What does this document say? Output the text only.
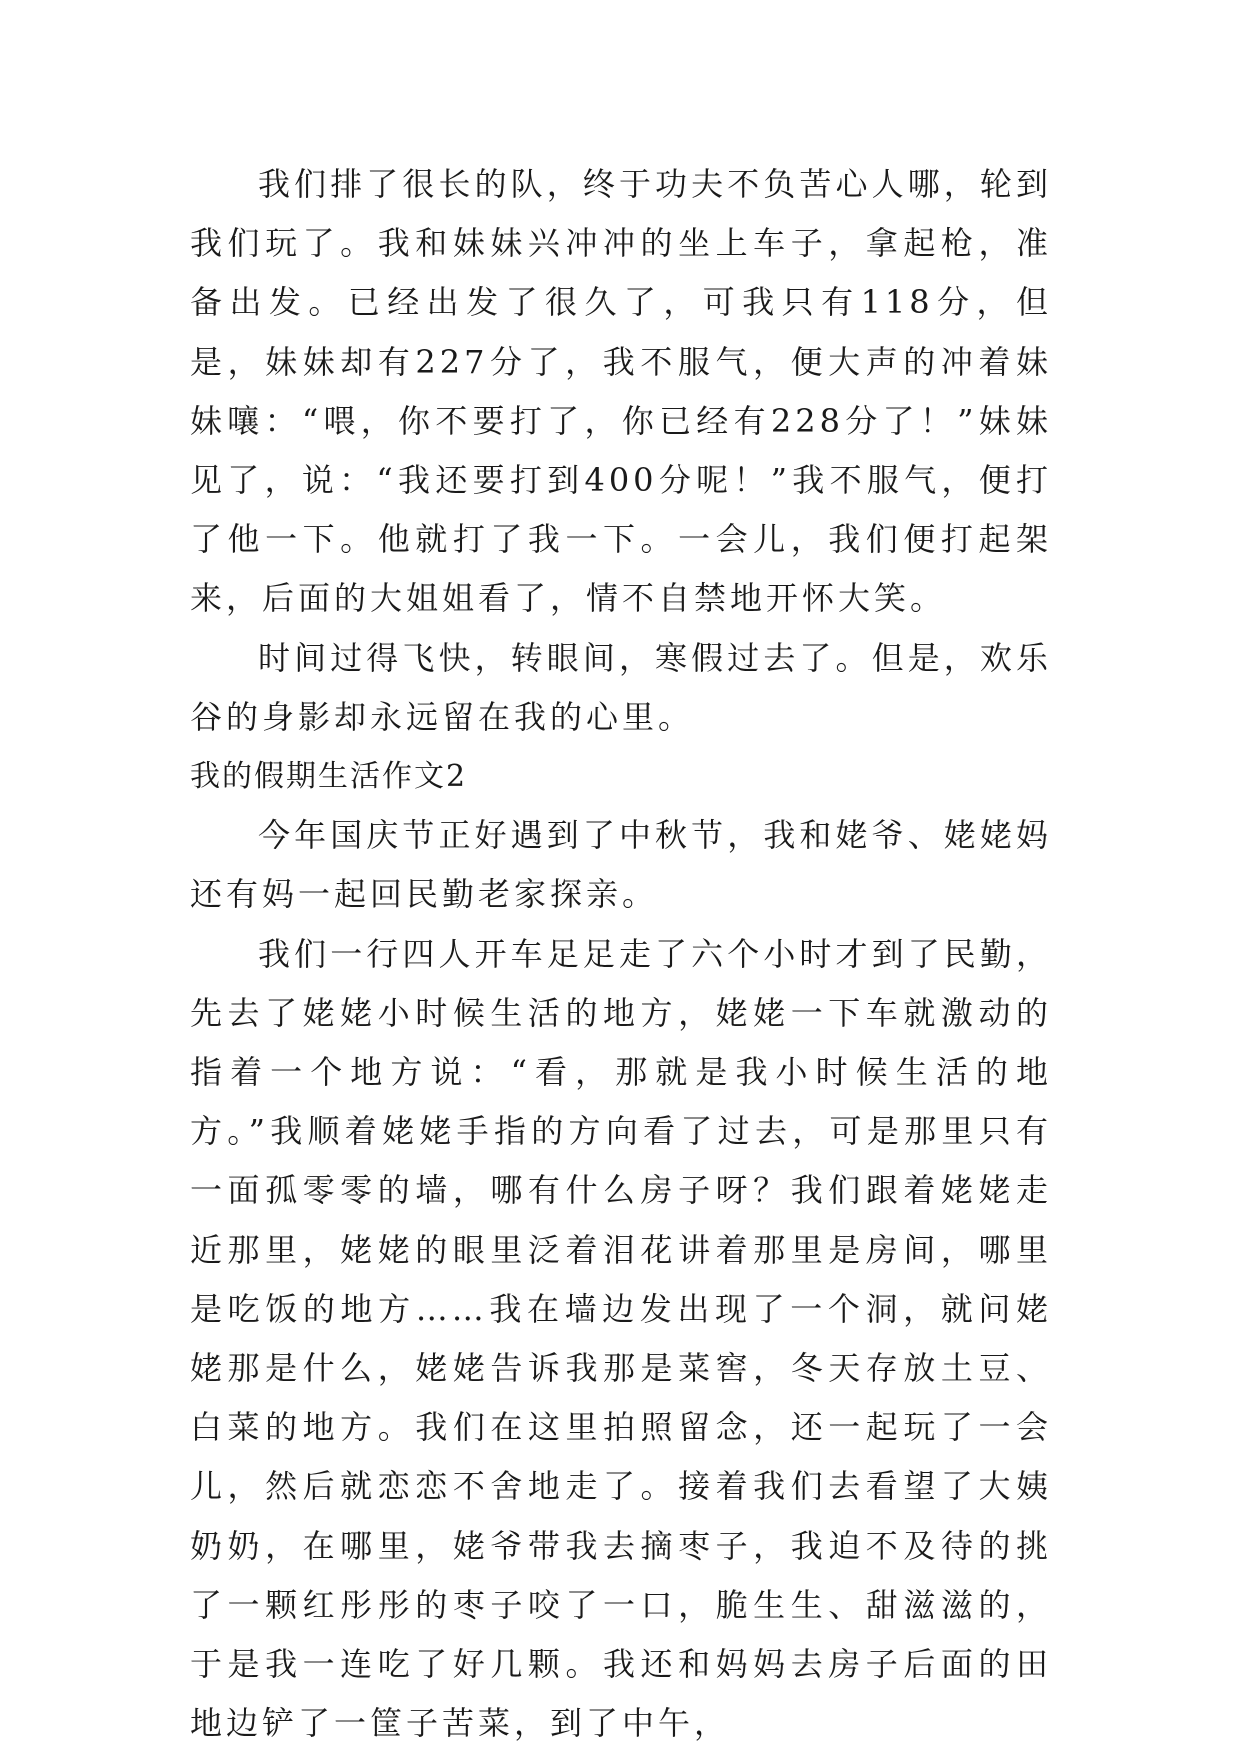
我们排了很长的队，终于功夫不负苦心人哪，轮到我们玩了。我和妹妹兴冲冲的坐上车子，拿起枪，准备出发。已经出发了很久了，可我只有118分，但是，妹妹却有227分了，我不服气，便大声的冲着妹妹嚷：“喂，你不要打了，你已经有228分了！”妹妹见了，说：“我还要打到400分呢！”我不服气，便打了他一下。他就打了我一下。一会儿，我们便打起架来，后面的大姐姐看了，情不自禁地开怀大笑。

时间过得飞快，转眼间，寒假过去了。但是，欢乐谷的身影却永远留在我的心里。

我的假期生活作文2

今年国庆节正好遇到了中秋节，我和姥爷、姥姥妈还有妈一起回民勤老家探亲。

我们一行四人开车足足走了六个小时才到了民勤，先去了姥姥小时候生活的地方，姥姥一下车就激动的指着一个地方说：“看，那就是我小时候生活的地方。”我顺着姥姥手指的方向看了过去，可是那里只有一面孤零零的墙，哪有什么房子呀？我们跟着姥姥走近那里，姥姥的眼里泛着泪花讲着那里是房间，哪里是吃饭的地方……我在墙边发出现了一个洞，就问姥姥那是什么，姥姥告诉我那是菜窖，冬天存放土豆、白菜的地方。我们在这里拍照留念，还一起玩了一会儿，然后就恋恋不舍地走了。接着我们去看望了大姨奶奶，在哪里，姥爷带我去摘枣子，我迫不及待的挑了一颗红彤彤的枣子咬了一口，脆生生、甜滋滋的，于是我一连吃了好几颗。我还和妈妈去房子后面的田地边铲了一筐子苦菜，到了中午，
